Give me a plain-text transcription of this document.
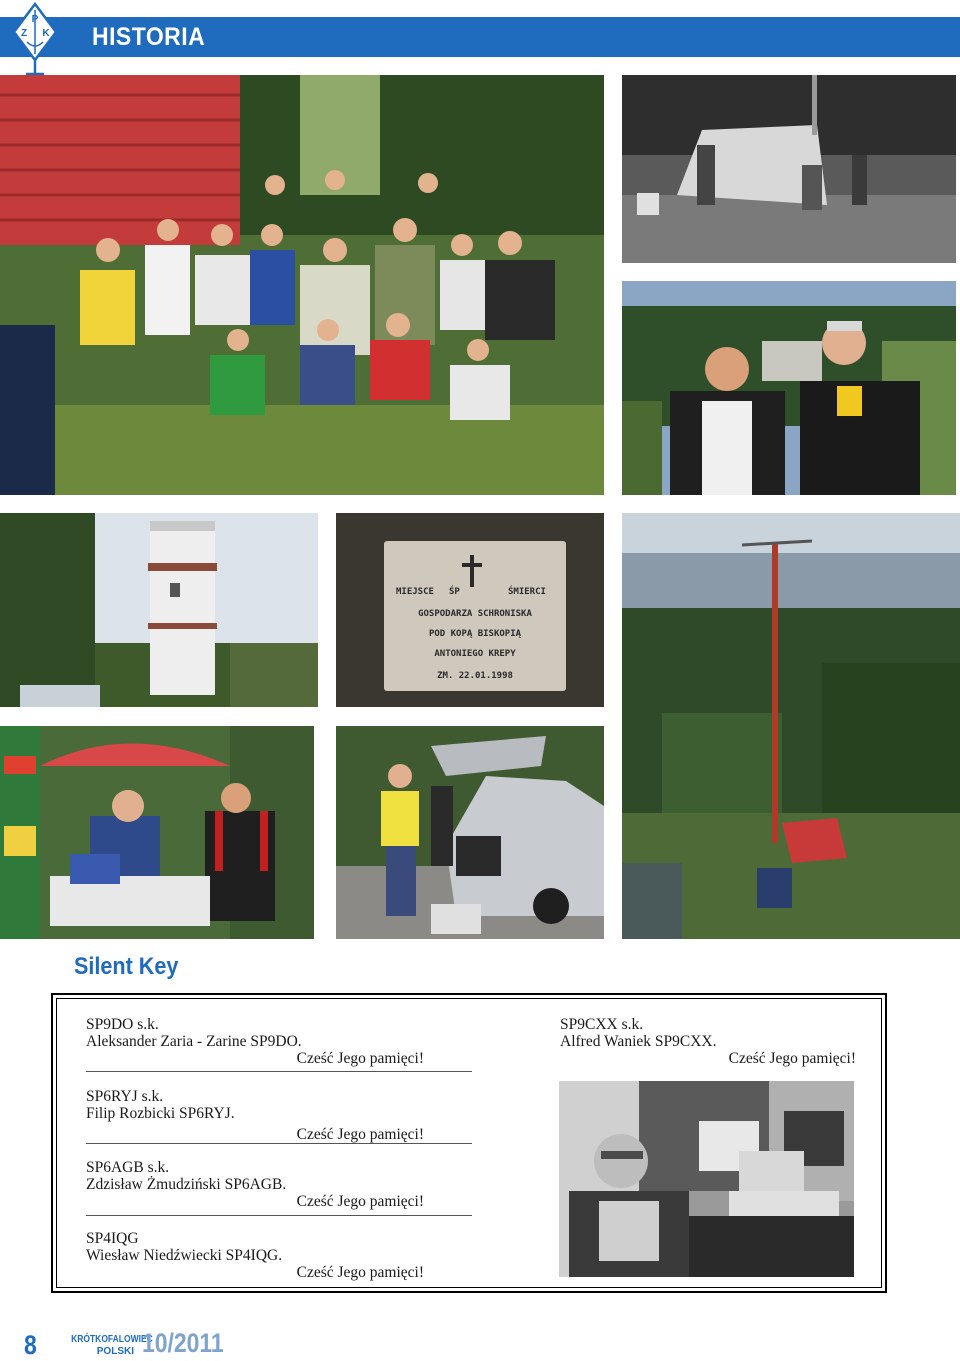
P
Z K HISTORIA
MIEJSCE ŚP	ŚMIERCI
GOSPODARZA SCHRONISKA
POD KOPĄ BISKOPIĄ
ANTONIEGO KREPY
ZM. 22.01.1998
Silent Key
SP9DO s.k.
Aleksander Zaria - Zarine SP9DO.
Cześć Jego pamięci!
SP6RYJ s.k.
Filip Rozbicki SP6RYJ.
Cześć Jego pamięci!
SP6AGB s.k.
Zdzisław Żmudziński SP6AGB.
Cześć Jego pamięci!
SP4IQG
Wiesław Niedźwiecki SP4IQG.
Cześć Jego pamięci!
SP9CXX s.k.
Alfred Waniek SP9CXX.
Cześć Jego pamięci!
8	KRÓTKOFALOWIEC
POLSKI 10/2011
